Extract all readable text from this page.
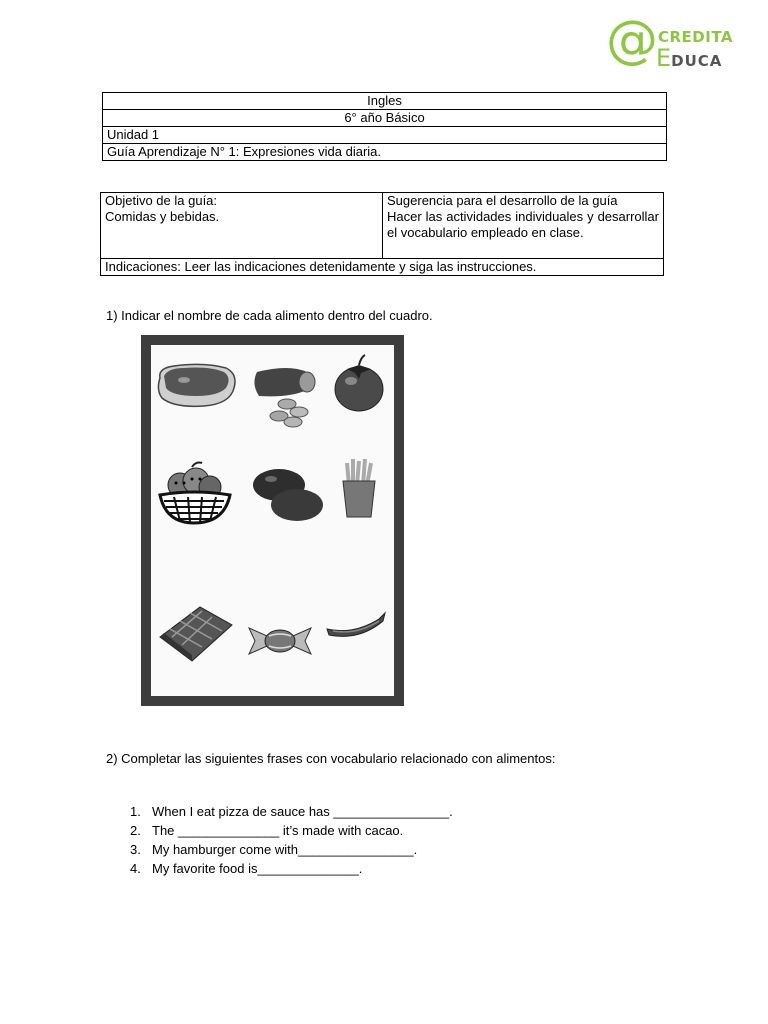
@ CREDITA
EDUCA
Ingles
6° año Básico
Unidad 1
Guía Aprendizaje N° 1: Expresiones vida diaria.
Objetivo de la guía:
Comidas y bebidas.

Sugerencia para el desarrollo de la guía
Hacer las actividades individuales y desarrollar el vocabulario empleado en clase.

Indicaciones: Leer las indicaciones detenidamente y siga las instrucciones.
1) Indicar el nombre de cada alimento dentro del cuadro.
2) Completar las siguientes frases con vocabulario relacionado con alimentos:
1. When I eat pizza de sauce has ________________.
2. The ______________ it’s made with cacao.
3. My hamburger come with________________.
4. My favorite food is______________.
